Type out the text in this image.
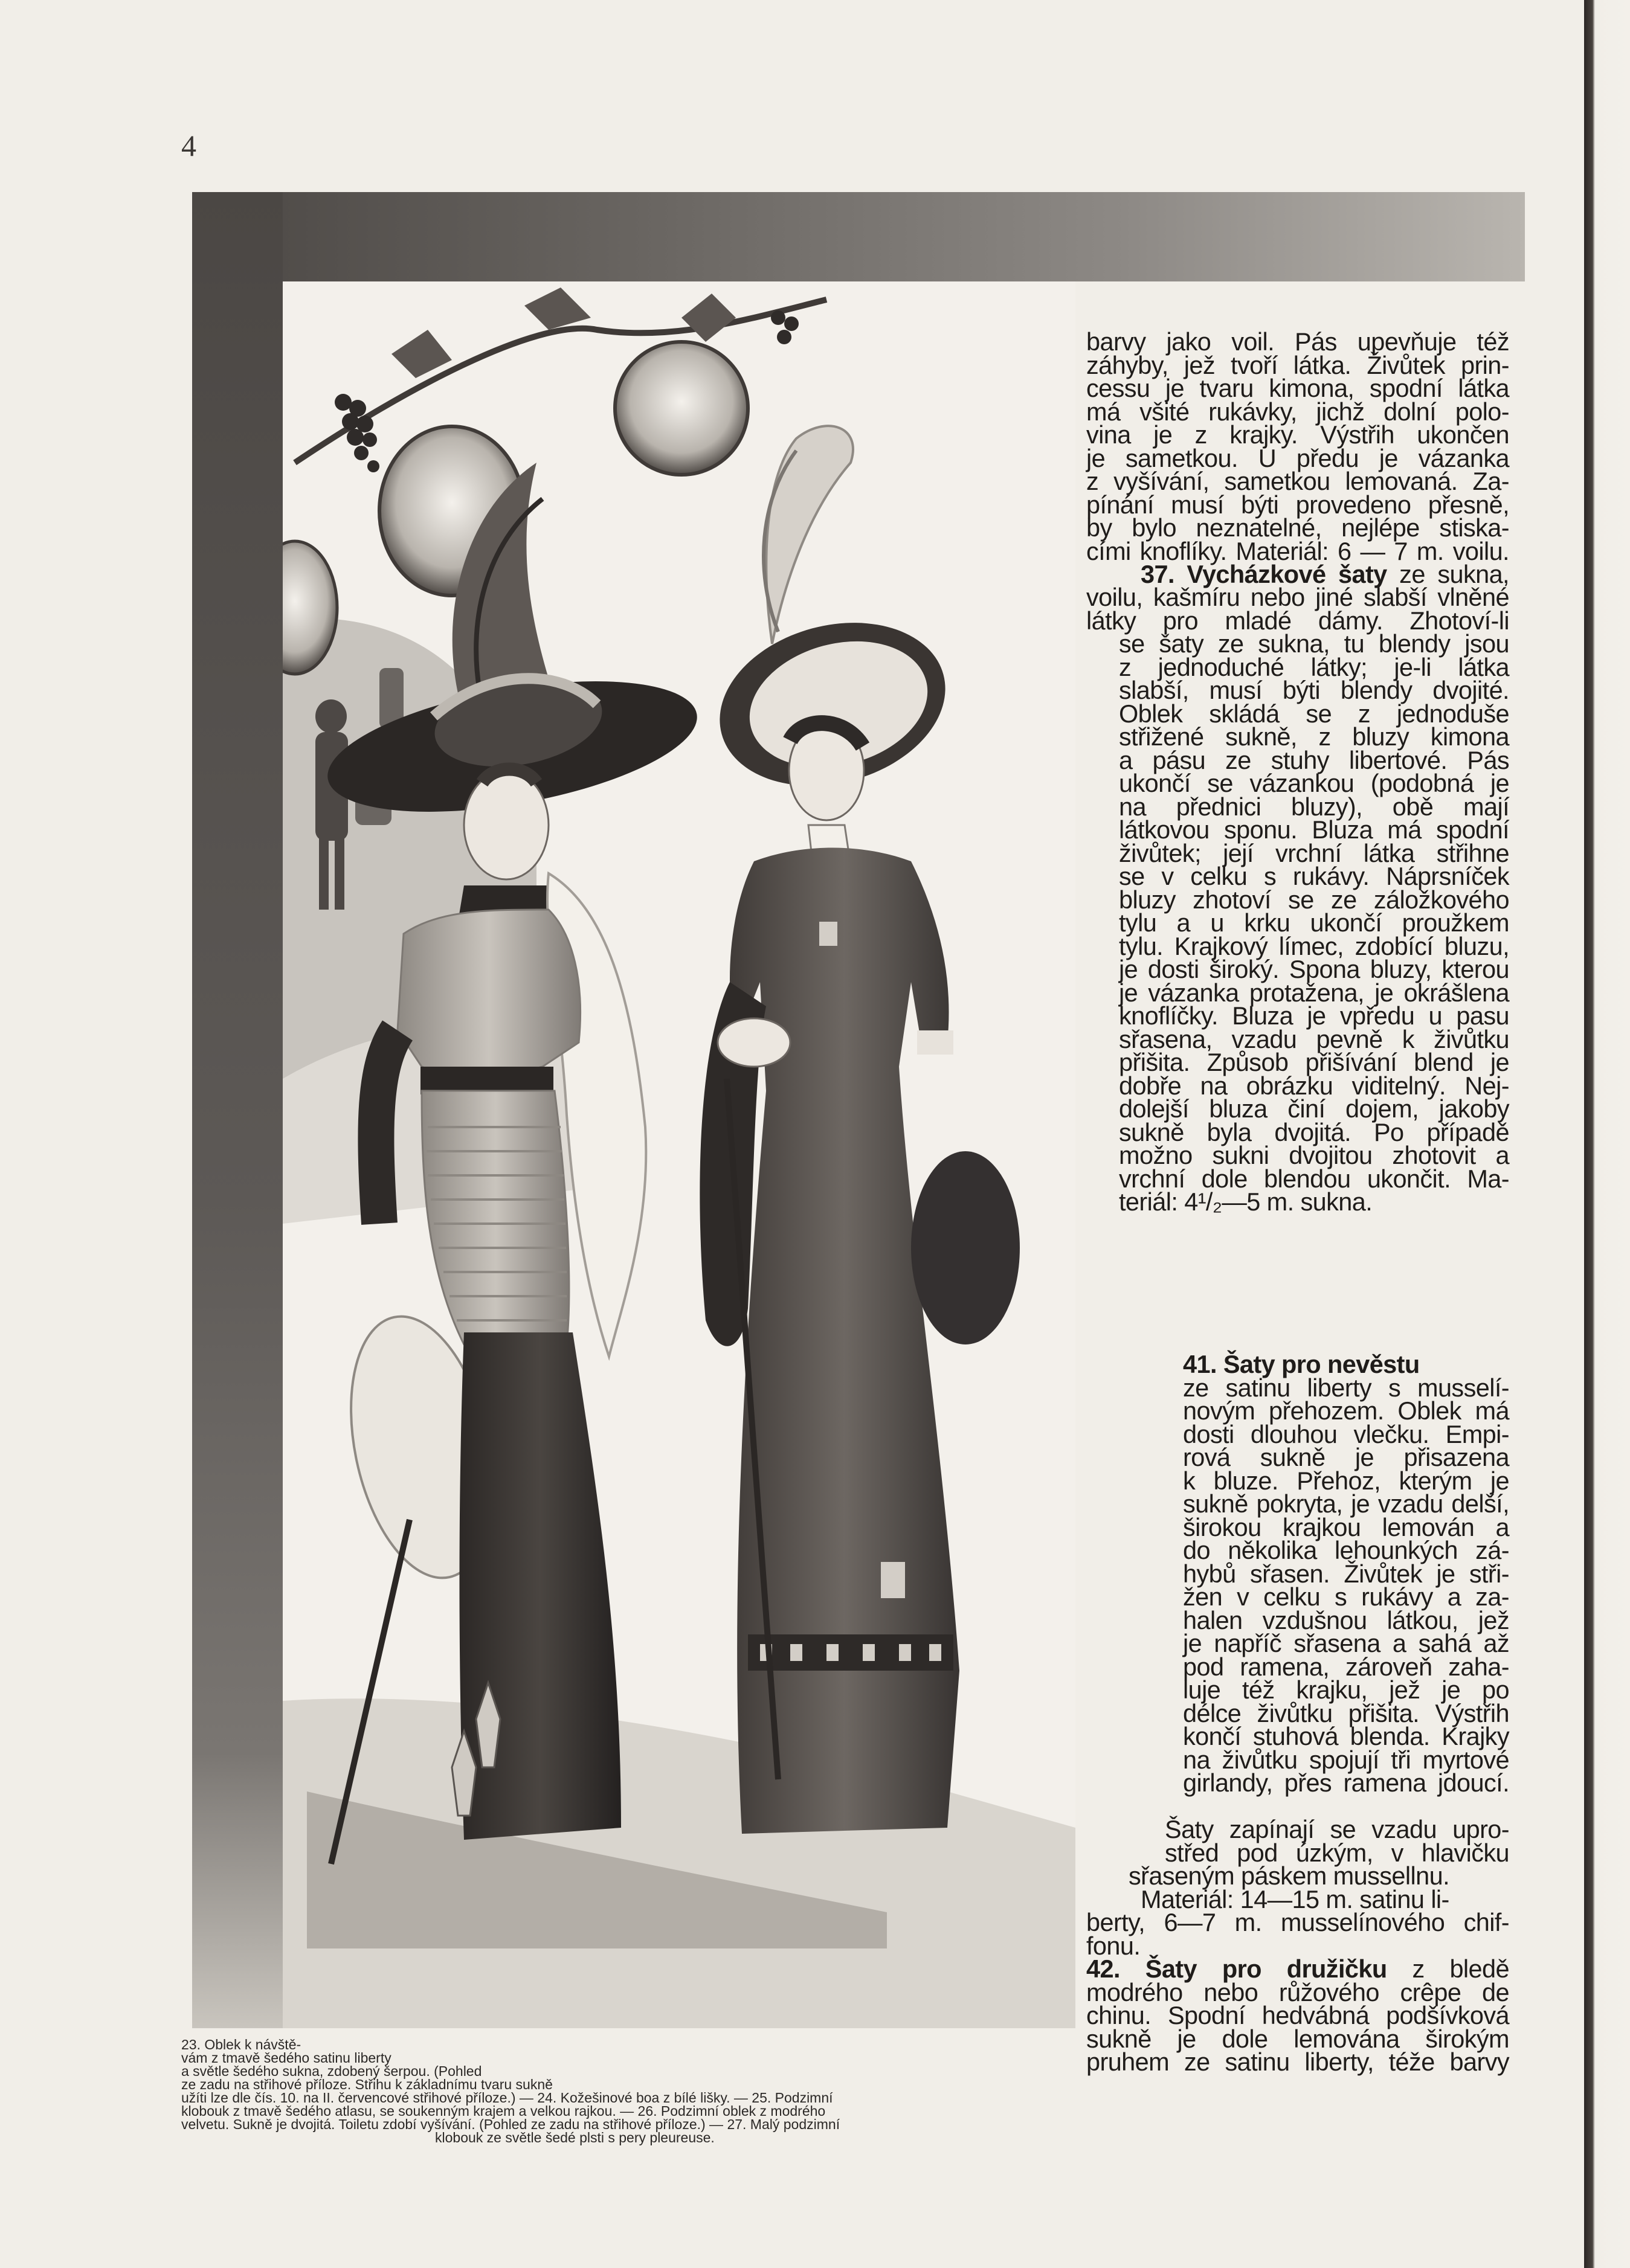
4
barvy jako voil. Pás upevňuje též
záhyby, jež tvoří látka. Živůtek prin-
cessu je tvaru kimona, spodní látka
má všité rukávky, jichž dolní polo-
vina je z krajky. Výstřih ukončen
je sametkou. U předu je vázanka
z vyšívání, sametkou lemovaná. Za-
pínání musí býti provedeno přesně,
by bylo neznatelné, nejlépe stiska-
cími knoflíky. Materiál: 6 — 7 m. voilu.
37. Vycházkové šaty ze sukna,
voilu, kašmíru nebo jiné slabší vlněné
látky pro mladé dámy. Zhotoví-li
se šaty ze sukna, tu blendy jsou
z jednoduché látky; je-li látka
slabší, musí býti blendy dvojité.
Oblek skládá se z jednoduše
střižené sukně, z bluzy kimona
a pásu ze stuhy libertové. Pás
ukončí se vázankou (podobná je
na přednici bluzy), obě mají
látkovou sponu. Bluza má spodní
živůtek; její vrchní látka střihne
se v celku s rukávy. Náprsníček
bluzy zhotoví se ze záložkového
tylu a u krku ukončí proužkem
tylu. Krajkový límec, zdobící bluzu,
je dosti široký. Spona bluzy, kterou
je vázanka protažena, je okrášlena
knoflíčky. Bluza je vpředu u pasu
sřasena, vzadu pevně k živůtku
přišita. Způsob přišívání blend je
dobře na obrázku viditelný. Nej-
dolejší bluza činí dojem, jakoby
sukně byla dvojitá. Po případě
možno sukni dvojitou zhotovit a
vrchní dole blendou ukončit. Ma-
teriál: 4¹/₂—5 m. sukna.
41. Šaty pro nevěstu
ze satinu liberty s musselí-
novým přehozem. Oblek má
dosti dlouhou vlečku. Empi-
rová sukně je přisazena
k bluze. Přehoz, kterým je
sukně pokryta, je vzadu delší,
širokou krajkou lemován a
do několika lehounkých zá-
hybů sřasen. Živůtek je stři-
žen v celku s rukávy a za-
halen vzdušnou látkou, jež
je napříč sřasena a sahá až
pod ramena, zároveň zaha-
luje též krajku, jež je po
délce živůtku přišita. Výstřih
končí stuhová blenda. Krajky
na živůtku spojují tři myrtové
girlandy, přes ramena jdoucí.
Šaty zapínají se vzadu upro-
střed pod úzkým, v hlavičku
sřaseným páskem mussellnu.
Materiál: 14—15 m. satinu li-
berty, 6—7 m. musselínového chif-
fonu.
42. Šaty pro družičku z bledě
modrého nebo růžového crêpe de
chinu. Spodní hedvábná podšívková
sukně je dole lemována širokým
pruhem ze satinu liberty, téže barvy
23. Oblek k návště-
vám z tmavě šedého satinu liberty
a světle šedého sukna, zdobený šerpou. (Pohled
ze zadu na střihové příloze. Střihu k základnímu tvaru sukně
užíti lze dle čís. 10. na II. červencové střihové příloze.) — 24. Kožešinové boa z bílé lišky. — 25. Podzimní
klobouk z tmavě šedého atlasu, se soukenným krajem a velkou rajkou. — 26. Podzimní oblek z modrého
velvetu. Sukně je dvojitá. Toiletu zdobí vyšívání. (Pohled ze zadu na střihové příloze.) — 27. Malý podzimní
klobouk ze světle šedé plsti s pery pleureuse.
